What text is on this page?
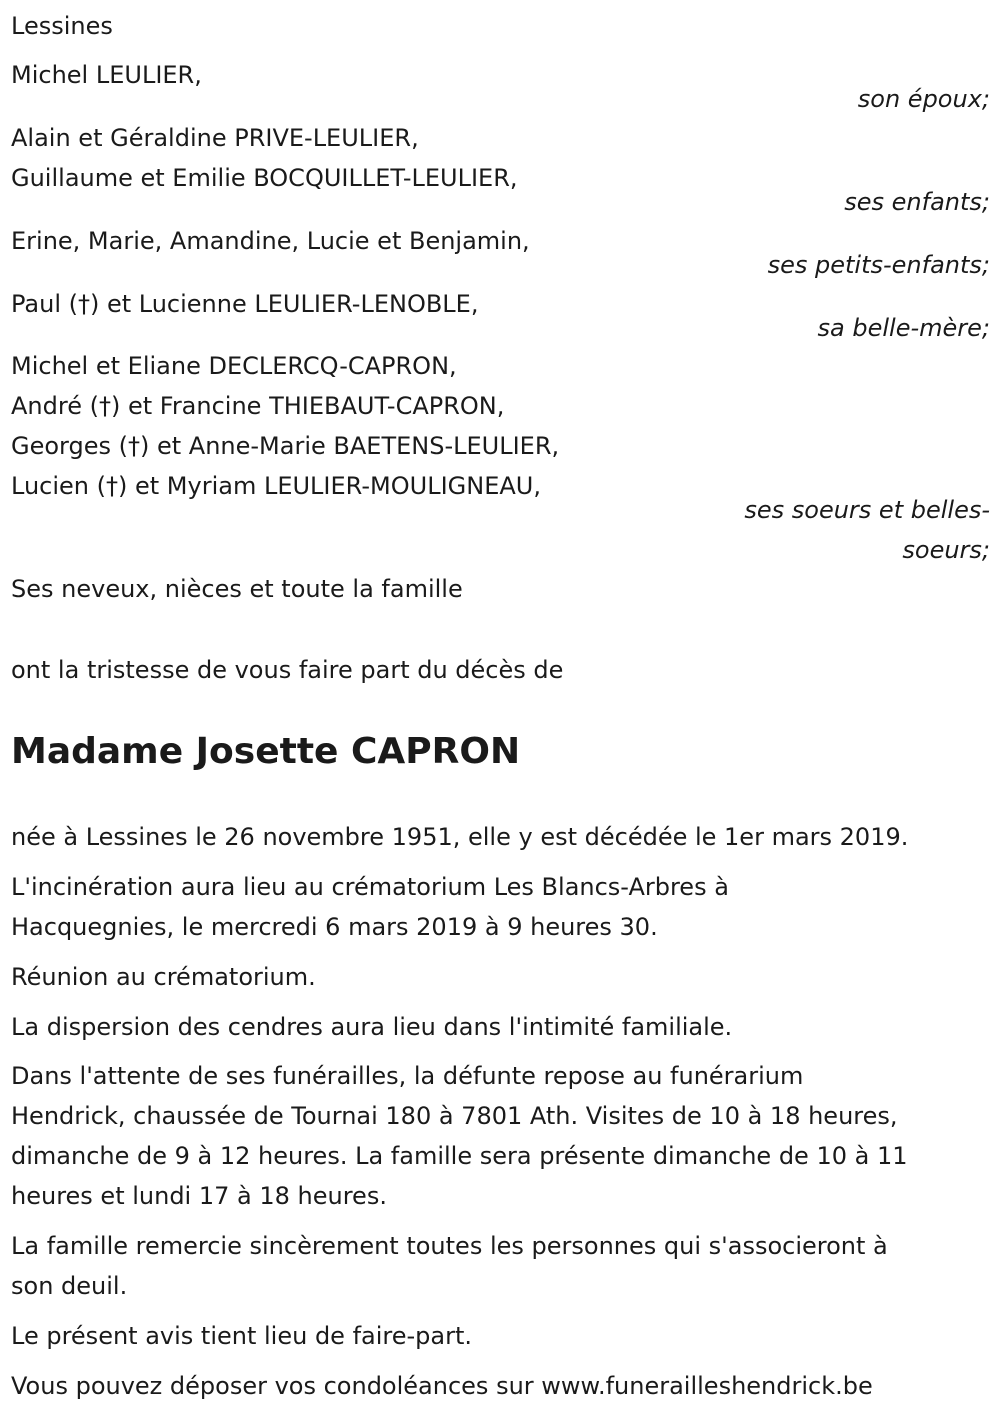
Lessines
Michel LEULIER,
son époux;
Alain et Géraldine PRIVE-LEULIER,
Guillaume et Emilie BOCQUILLET-LEULIER,
ses enfants;
Erine, Marie, Amandine, Lucie et Benjamin,
ses petits-enfants;
Paul (†) et Lucienne LEULIER-LENOBLE,
sa belle-mère;
Michel et Eliane DECLERCQ-CAPRON,
André (†) et Francine THIEBAUT-CAPRON,
Georges (†) et Anne-Marie BAETENS-LEULIER,
Lucien (†) et Myriam LEULIER-MOULIGNEAU,
ses soeurs et belles-
soeurs;
Ses neveux, nièces et toute la famille
ont la tristesse de vous faire part du décès de
Madame Josette CAPRON
née à Lessines le 26 novembre 1951, elle y est décédée le 1er mars 2019.
L'incinération aura lieu au crématorium Les Blancs-Arbres à
Hacquegnies, le mercredi 6 mars 2019 à 9 heures 30.
Réunion au crématorium.
La dispersion des cendres aura lieu dans l'intimité familiale.
Dans l'attente de ses funérailles, la défunte repose au funérarium
Hendrick, chaussée de Tournai 180 à 7801 Ath. Visites de 10 à 18 heures,
dimanche de 9 à 12 heures. La famille sera présente dimanche de 10 à 11
heures et lundi 17 à 18 heures.
La famille remercie sincèrement toutes les personnes qui s'associeront à
son deuil.
Le présent avis tient lieu de faire-part.
Vous pouvez déposer vos condoléances sur www.funerailleshendrick.be
